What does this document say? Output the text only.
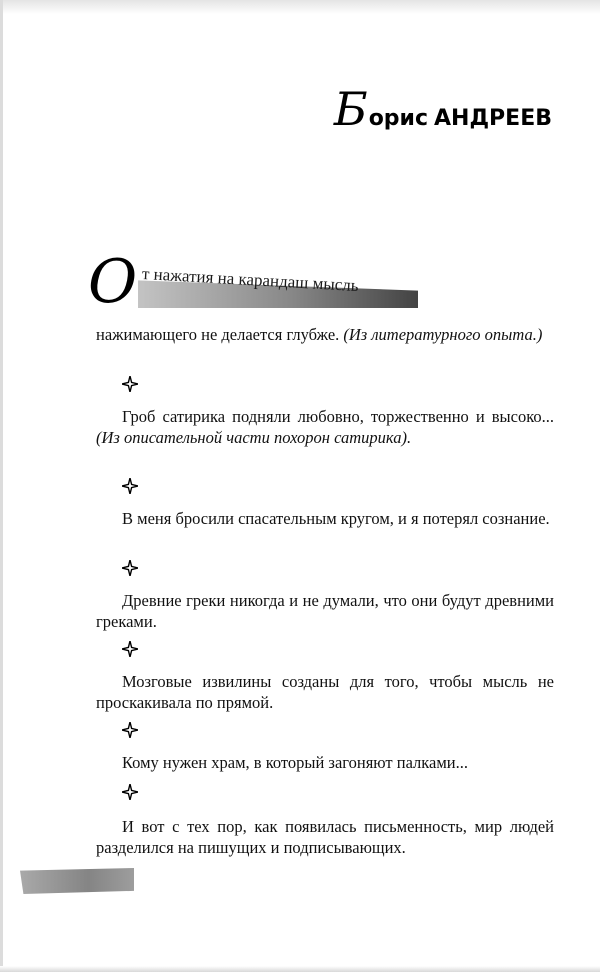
Б орис АНДРЕЕВ
О т нажатия на карандаш мысль

нажимающего не делается глубже. (Из литературного опыта.)

Гроб сатирика подняли любовно, торжественно и высоко... (Из описательной части похорон сатирика).

В меня бросили спасательным кругом, и я потерял сознание.

Древние греки никогда и не думали, что они будут древними греками.

Мозговые извилины созданы для того, чтобы мысль не проскакивала по прямой.

Кому нужен храм, в который загоняют палками...

И вот с тех пор, как появилась письменность, мир людей разделился на пишущих и подписывающих.
